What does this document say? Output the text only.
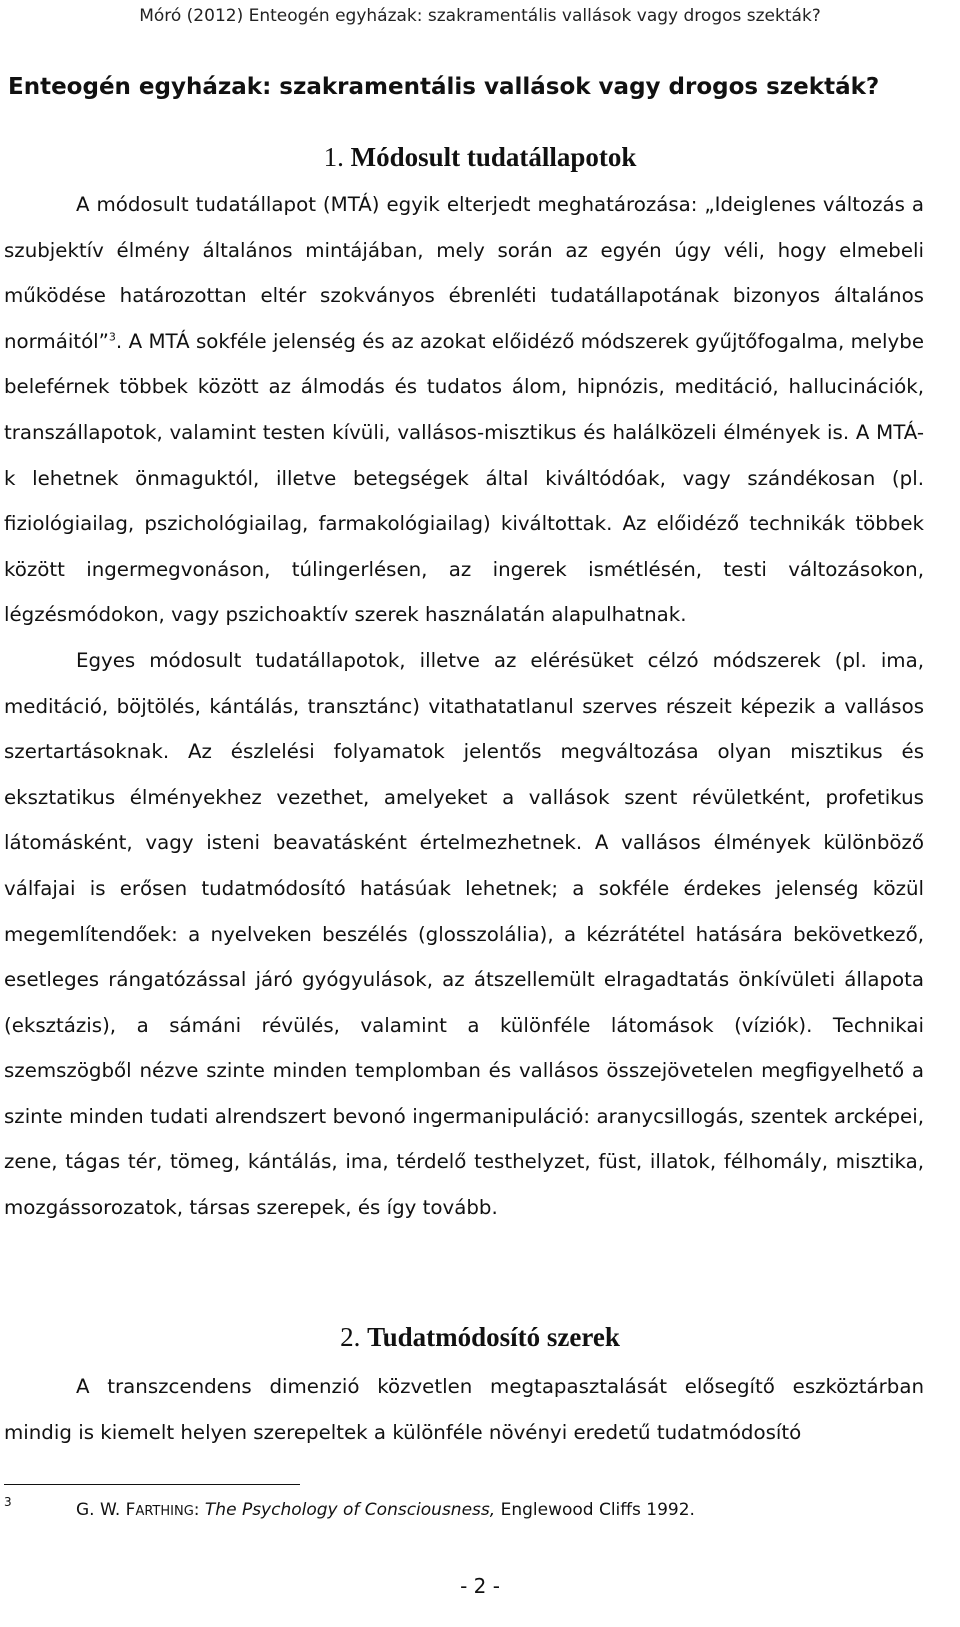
Móró (2012) Enteogén egyházak: szakramentális vallások vagy drogos szekták?
Enteogén egyházak: szakramentális vallások vagy drogos szekták?
1. Módosult tudatállapotok

A módosult tudatállapot (MTÁ) egyik elterjedt meghatározása: „Ideiglenes változás a szubjektív élmény általános mintájában, mely során az egyén úgy véli, hogy elmebeli működése határozottan eltér szokványos ébrenléti tudatállapotának bizonyos általános normáitól”$^3$. A MTÁ sokféle jelenség és az azokat előidéző módszerek gyűjtőfogalma, melybe beleférnek többek között az álmodás és tudatos álom, hipnózis, meditáció, hallucinációk, transzállapotok, valamint testen kívüli, vallásos-misztikus és halálközeli élmények is. A MTÁ-k lehetnek önmaguktól, illetve betegségek által kiváltódóak, vagy szándékosan (pl. fiziológiailag, pszichológiailag, farmakológiailag) kiváltottak. Az előidéző technikák többek között ingermegvonáson, túlingerlésen, az ingerek ismétlésén, testi változásokon, légzésmódokon, vagy pszichoaktív szerek használatán alapulhatnak.

Egyes módosult tudatállapotok, illetve az elérésüket célzó módszerek (pl. ima, meditáció, böjtölés, kántálás, transztánc) vitathatatlanul szerves részeit képezik a vallásos szertartásoknak. Az észlelési folyamatok jelentős megváltozása olyan misztikus és eksztatikus élményekhez vezethet, amelyeket a vallások szent révületként, profetikus látomásként, vagy isteni beavatásként értelmezhetnek. A vallásos élmények különböző válfajai is erősen tudatmódosító hatásúak lehetnek; a sokféle érdekes jelenség közül megemlítendőek: a nyelveken beszélés (glosszolália), a kézrátétel hatására bekövetkező, esetleges rángatózással járó gyógyulások, az átszellemült elragadtatás önkívületi állapota (eksztázis), a sámáni révülés, valamint a különféle látomások (víziók). Technikai szemszögből nézve szinte minden templomban és vallásos összejövetelen megfigyelhető a szinte minden tudati alrendszert bevonó ingermanipuláció: aranycsillogás, szentek arcképei, zene, tágas tér, tömeg, kántálás, ima, térdelő testhelyzet, füst, illatok, félhomály, misztika, mozgássorozatok, társas szerepek, és így tovább.

2. Tudatmódosító szerek

A transzcendens dimenzió közvetlen megtapasztalását elősegítő eszköztárban mindig is kiemelt helyen szerepeltek a különféle növényi eredetű tudatmódosító

3	G. W. FARTHING: The Psychology of Consciousness, Englewood Cliffs 1992.
- 2 -
